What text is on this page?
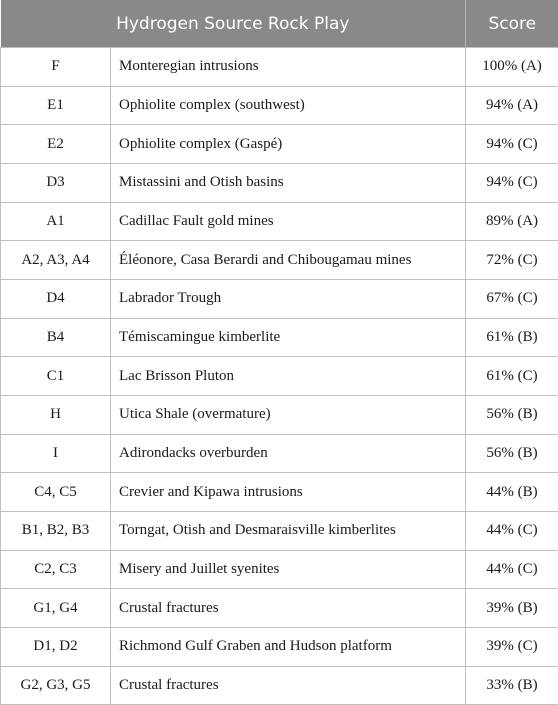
Hydrogen Source Rock Play		Score
F	Monteregian intrusions	100% (A)
E1	Ophiolite complex (southwest)	94% (A)
E2	Ophiolite complex (Gaspé)	94% (C)
D3	Mistassini and Otish basins	94% (C)
A1	Cadillac Fault gold mines	89% (A)
A2, A3, A4	Éléonore, Casa Berardi and Chibougamau mines	72% (C)
D4	Labrador Trough	67% (C)
B4	Témiscamingue kimberlite	61% (B)
C1	Lac Brisson Pluton	61% (C)
H	Utica Shale (overmature)	56% (B)
I	Adirondacks overburden	56% (B)
C4, C5	Crevier and Kipawa intrusions	44% (B)
B1, B2, B3	Torngat, Otish and Desmaraisville kimberlites	44% (C)
C2, C3	Misery and Juillet syenites	44% (C)
G1, G4	Crustal fractures	39% (B)
D1, D2	Richmond Gulf Graben and Hudson platform	39% (C)
G2, G3, G5	Crustal fractures	33% (B)
